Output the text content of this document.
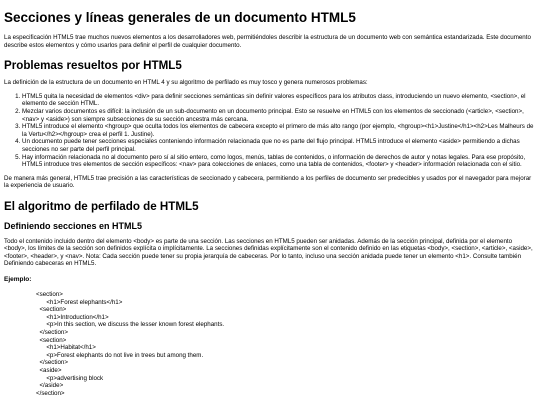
Secciones y líneas generales de un documento HTML5

La especificación HTML5 trae muchos nuevos elementos a los desarrolladores web, permitiéndoles describir la estructura de un documento web con semántica estandarizada. Este documento describe estos elementos y cómo usarlos para definir el perfil de cualquier documento.

Problemas resueltos por HTML5

La definición de la estructura de un documento en HTML 4 y su algoritmo de perfilado es muy tosco y genera numerosos problemas:

1. HTML5 quita la necesidad de elementos <div> para definir secciones semánticas sin definir valores específicos para los atributos class, introduciendo un nuevo elemento, <section>, el elemento de sección HTML.
2. Mezclar varios documentos es difícil: la inclusión de un sub-documento en un documento principal. Esto se resuelve en HTML5 con los elementos de seccionado (<article>, <section>, <nav> y <aside>) son siempre subsecciones de su sección ancestra más cercana.
3. HTML5 introduce el elemento <hgroup> que oculta todos los elementos de cabecera excepto el primero de más alto rango (por ejemplo, <hgroup><h1>Justine</h1><h2>Les Malheurs de la Vertu</h2></hgroup> crea el perfil 1. Justine).
4. Un documento puede tener secciones especiales conteniendo información relacionada que no es parte del flujo principal. HTML5 introduce el elemento <aside> permitiendo a dichas secciones no ser parte del perfil principal.
5. Hay información relacionada no al documento pero sí al sitio entero, como logos, menús, tablas de contenidos, o información de derechos de autor y notas legales. Para ese propósito, HTML5 introduce tres elementos de sección específicos: <nav> para colecciones de enlaces, como una tabla de contenidos, <footer> y <header> información relacionada con el sitio.

De manera más general, HTML5 trae precisión a las características de seccionado y cabecera, permitiendo a los perfiles de documento ser predecibles y usados por el navegador para mejorar la experiencia de usuario.

El algoritmo de perfilado de HTML5
Definiendo secciones en HTML5

Todo el contenido incluido dentro del elemento <body> es parte de una sección. Las secciones en HTML5 pueden ser anidadas. Además de la sección principal, definida por el elemento <body>, los límites de la sección son definidos explícita o implícitamente. La secciones definidas explícitamente son el contenido definido en las etiquetas <body>, <section>, <article>, <aside>, <footer>, <header>, y <nav>. Nota: Cada sección puede tener su propia jerarquía de cabeceras. Por lo tanto, incluso una sección anidada puede tener un elemento <h1>. Consulte también Definiendo cabeceras en HTML5.

Ejemplo:
<section>
<h1>Forest elephants</h1>
<section>
<h1>Introduction</h1>
<p>In this section, we discuss the lesser known forest elephants.
</section>
<section>
<h1>Habitat</h1>
<p>Forest elephants do not live in trees but among them.
</section>
<aside>
<p>advertising block
</aside>
</section>
